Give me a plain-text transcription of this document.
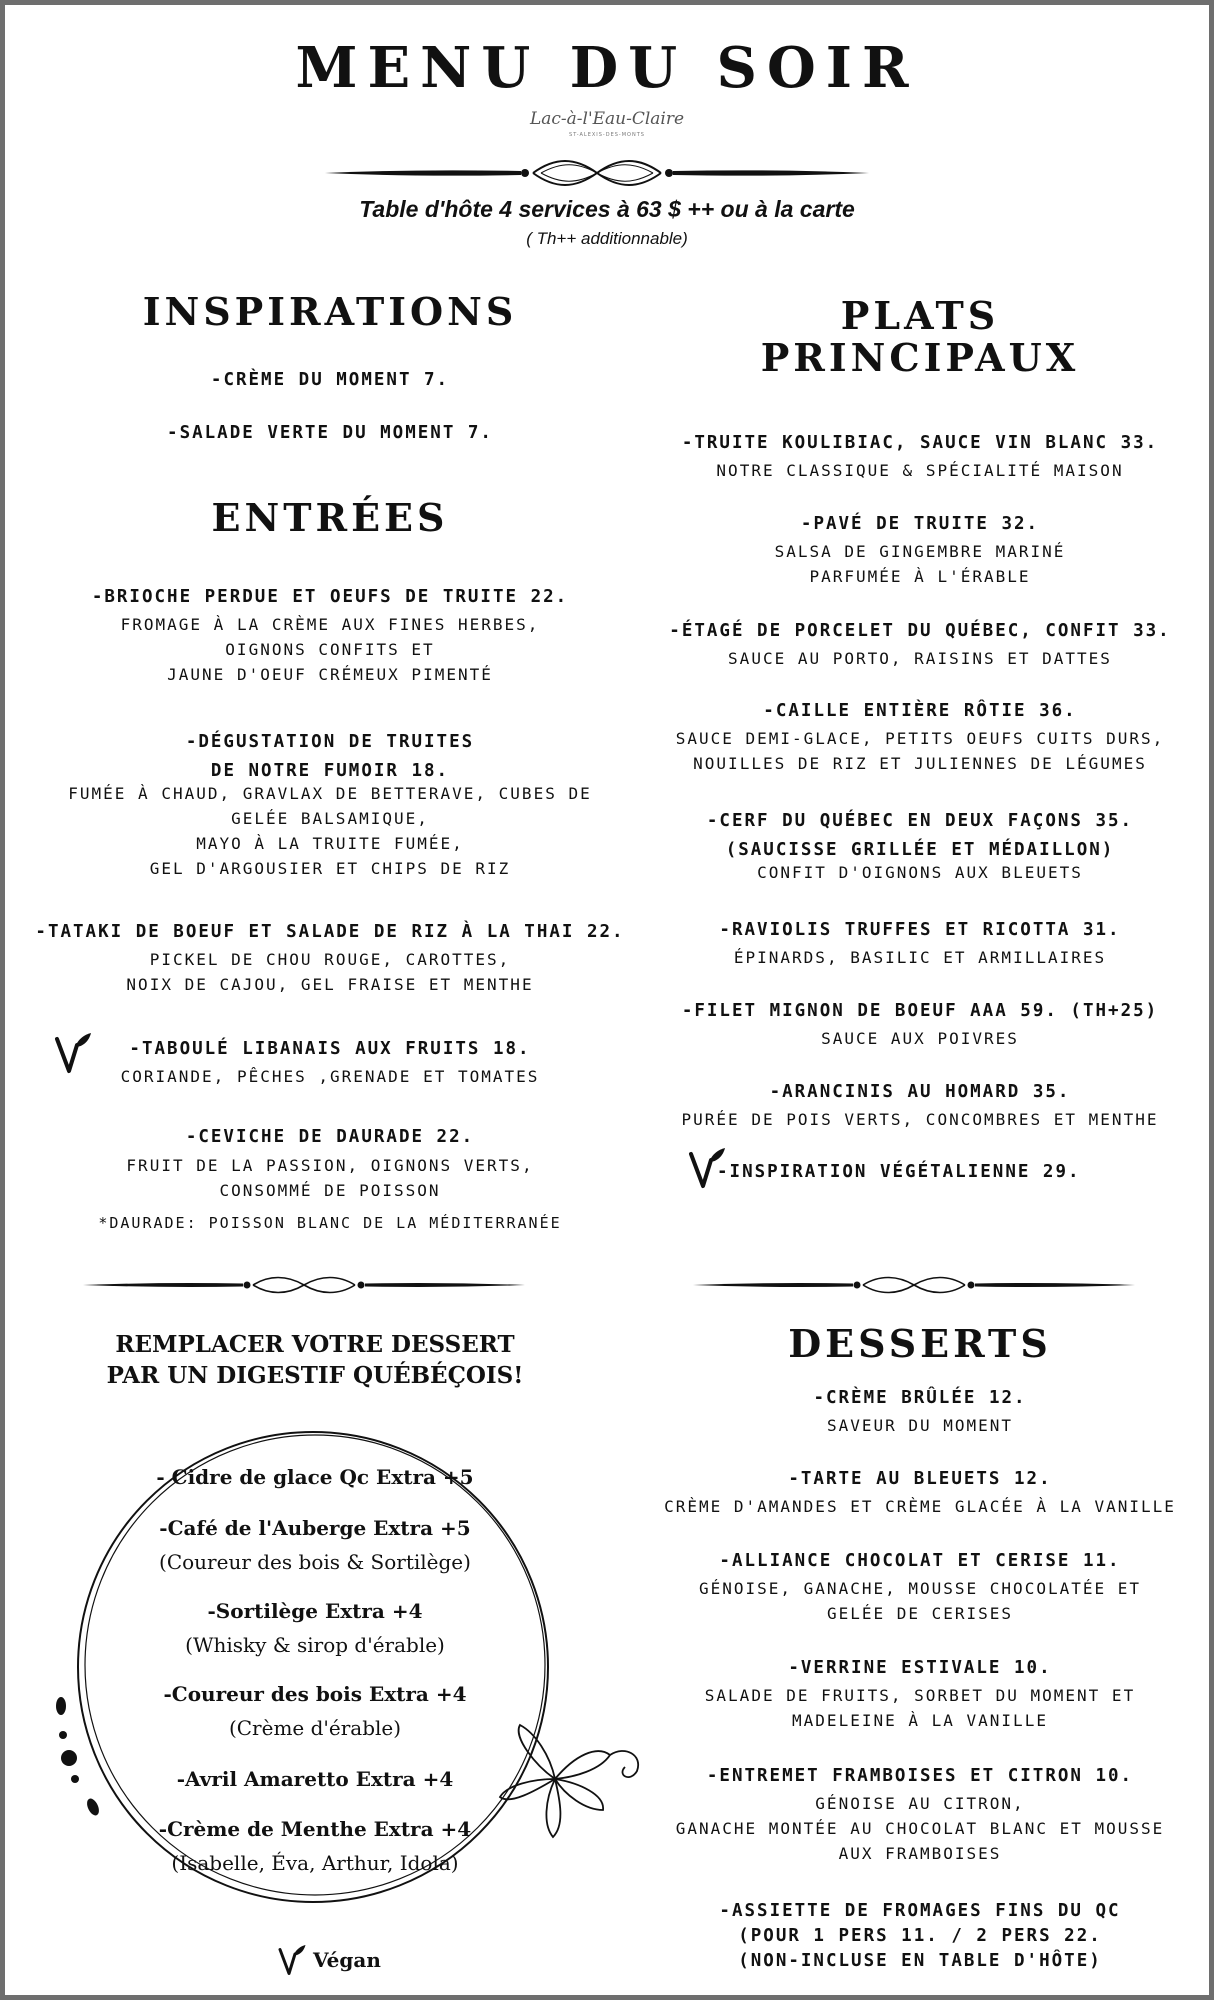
MENU DU SOIR
Lac-à-l'Eau-Claire
ST-ALEXIS-DES-MONTS
Table d'hôte 4 services à 63 $ ++ ou à la carte
( Th++ additionnable)
INSPIRATIONS
-CRÈME DU MOMENT 7.
-SALADE VERTE DU MOMENT 7.
ENTRÉES
-BRIOCHE PERDUE ET OEUFS DE TRUITE 22.
FROMAGE À LA CRÈME AUX FINES HERBES,
OIGNONS CONFITS ET
JAUNE D'OEUF CRÉMEUX PIMENTÉ
-DÉGUSTATION DE TRUITES
DE NOTRE FUMOIR 18.
FUMÉE À CHAUD, GRAVLAX DE BETTERAVE, CUBES DE
GELÉE BALSAMIQUE,
MAYO À LA TRUITE FUMÉE,
GEL D'ARGOUSIER ET CHIPS DE RIZ
-TATAKI DE BOEUF ET SALADE DE RIZ À LA THAI 22.
PICKEL DE CHOU ROUGE, CAROTTES,
NOIX DE CAJOU, GEL FRAISE ET MENTHE
-TABOULÉ LIBANAIS AUX FRUITS 18.
CORIANDE, PÊCHES ,GRENADE ET TOMATES
-CEVICHE DE DAURADE 22.
FRUIT DE LA PASSION, OIGNONS VERTS,
CONSOMMÉ DE POISSON
*DAURADE: POISSON BLANC DE LA MÉDITERRANÉE
PLATS
PRINCIPAUX
-TRUITE KOULIBIAC, SAUCE VIN BLANC 33.
NOTRE CLASSIQUE & SPÉCIALITÉ MAISON
-PAVÉ DE TRUITE 32.
SALSA DE GINGEMBRE MARINÉ
PARFUMÉE À L'ÉRABLE
-ÉTAGÉ DE PORCELET DU QUÉBEC, CONFIT 33.
SAUCE AU PORTO, RAISINS ET DATTES
-CAILLE ENTIÈRE RÔTIE 36.
SAUCE DEMI-GLACE, PETITS OEUFS CUITS DURS,
NOUILLES DE RIZ ET JULIENNES DE LÉGUMES
-CERF DU QUÉBEC EN DEUX FAÇONS 35.
(SAUCISSE GRILLÉE ET MÉDAILLON)
CONFIT D'OIGNONS AUX BLEUETS
-RAVIOLIS TRUFFES ET RICOTTA 31.
ÉPINARDS, BASILIC ET ARMILLAIRES
-FILET MIGNON DE BOEUF AAA 59. (TH+25)
SAUCE AUX POIVRES
-ARANCINIS AU HOMARD 35.
PURÉE DE POIS VERTS, CONCOMBRES ET MENTHE
-INSPIRATION VÉGÉTALIENNE 29.
REMPLACER VOTRE DESSERT
PAR UN DIGESTIF QUÉBÉÇOIS!
- Cidre de glace Qc Extra +5
-Café de l'Auberge Extra +5
(Coureur des bois & Sortilège)
-Sortilège Extra +4
(Whisky & sirop d'érable)
-Coureur des bois Extra +4
(Crème d'érable)
-Avril Amaretto Extra +4
-Crème de Menthe Extra +4
(Isabelle, Éva, Arthur, Idola)
Végan
DESSERTS
-CRÈME BRÛLÉE 12.
SAVEUR DU MOMENT
-TARTE AU BLEUETS 12.
CRÈME D'AMANDES ET CRÈME GLACÉE À LA VANILLE
-ALLIANCE CHOCOLAT ET CERISE 11.
GÉNOISE, GANACHE, MOUSSE CHOCOLATÉE ET
GELÉE DE CERISES
-VERRINE ESTIVALE 10.
SALADE DE FRUITS, SORBET DU MOMENT ET
MADELEINE À LA VANILLE
-ENTREMET FRAMBOISES ET CITRON 10.
GÉNOISE AU CITRON,
GANACHE MONTÉE AU CHOCOLAT BLANC ET MOUSSE
AUX FRAMBOISES
-ASSIETTE DE FROMAGES FINS DU QC
(POUR 1 PERS 11. / 2 PERS 22.
(NON-INCLUSE EN TABLE D'HÔTE)
